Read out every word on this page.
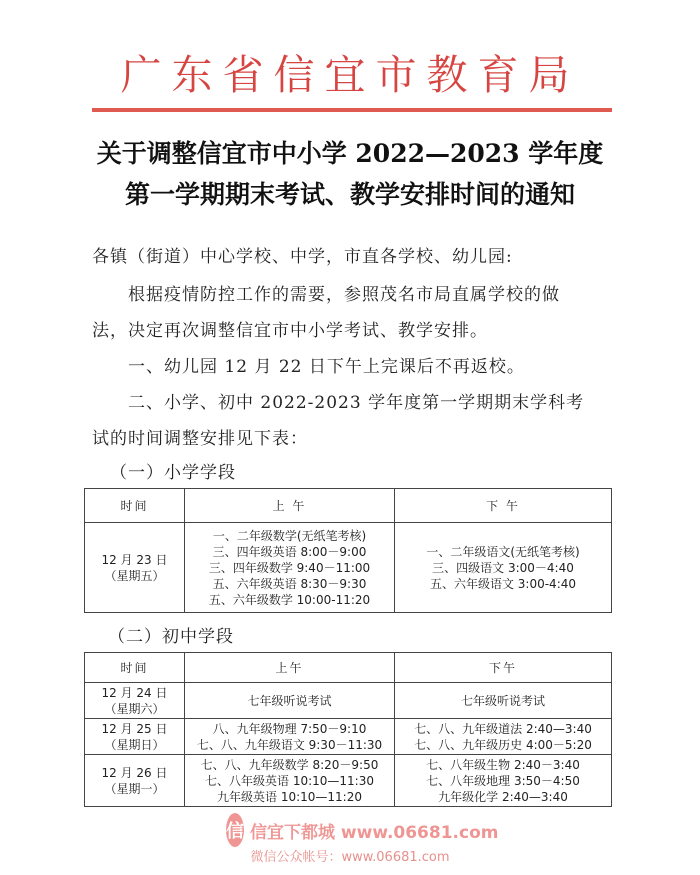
广东省信宜市教育局
关于调整信宜市中小学 2022—2023 学年度
第一学期期末考试、教学安排时间的通知
各镇（街道）中心学校、中学，市直各学校、幼儿园:
根据疫情防控工作的需要，参照茂名市局直属学校的做
法，决定再次调整信宜市中小学考试、教学安排。
一、幼儿园 12 月 22 日下午上完课后不再返校。
二、小学、初中 2022-2023 学年度第一学期期末学科考
试的时间调整安排见下表：
（一）小学学段
时间	上 午	下 午

12 月 23 日
（星期五）	一、二年级数学(无纸笔考核)
三、四年级英语 8:00－9:00
三、四年级数学 9:40－11:00
五、六年级英语 8:30－9:30
五、六年级数学 10:00-11:20	一、二年级语文(无纸笔考核)
三、四级语文 3:00－4:40
五、六年级语文 3:00-4:40
（二）初中学段
时间	上午	下午

12 月 24 日
（星期六）	七年级听说考试	七年级听说考试

12 月 25 日
（星期日）	八、九年级物理 7:50－9:10
七、八、九年级语文 9:30－11:30	七、八、九年级道法 2:40—3:40
七、八、九年级历史 4:00－5:20

12 月 26 日
（星期一）	七、八、九年级数学 8:20－9:50
七、八年级英语 10:10—11:30
九年级英语 10:10—11:20	七、八年级生物 2:40－3:40
七、八年级地理 3:50－4:50
九年级化学 2:40—3:40
信 信宜下都城 www.06681.com
微信公众帐号：www.06681.com
